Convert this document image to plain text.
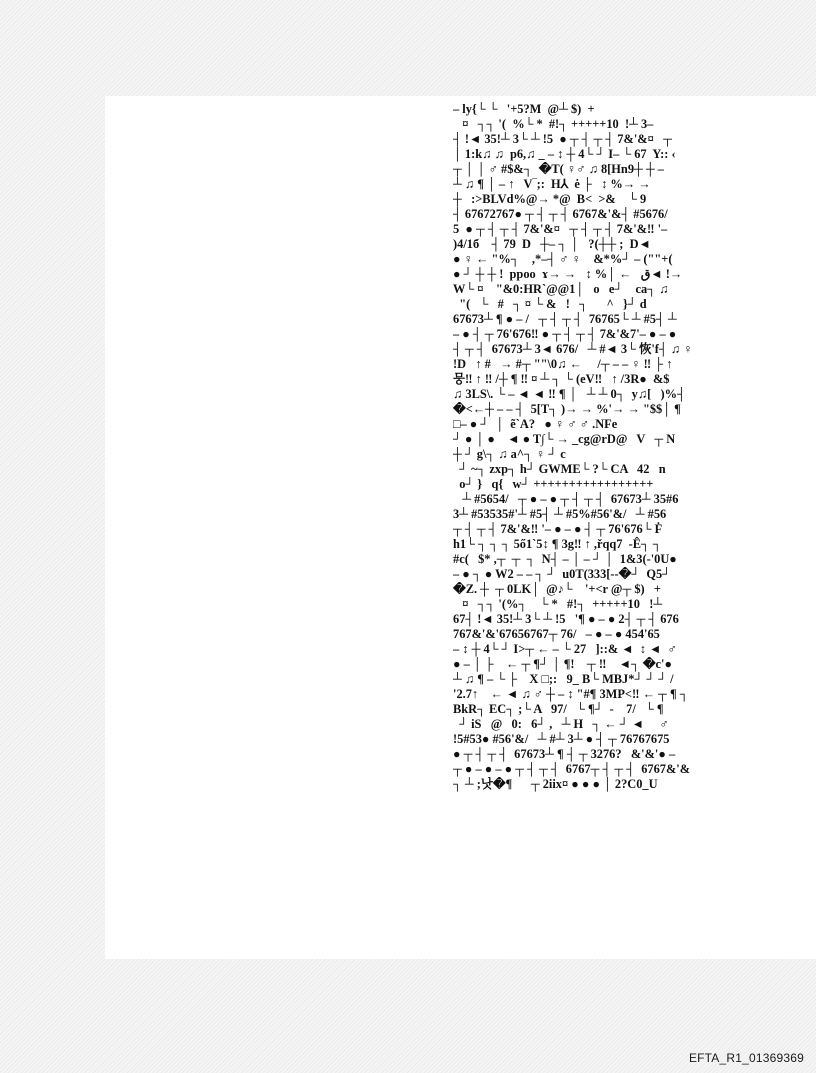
– ly{└ └   '+5?M  @┴ $)  +
¤   ┐┐ '(  %└ *  #!┐ +++++10  !┴ 3–
┤ !◄ 35!┴ 3└ ┴ !5  ● ┬ ┤ ┬ ┤ 7&'&¤   ┬
│ 1:k♫ ♫  p6,♫ _ – ↕ ┼ 4└ ┘ I– └ 67  Y:: ‹
┬ │ │ ♂ #$&┐  �T( ♀♂ ♫ 8[Hn9┼ ┼ –
┴ ♫ ¶ │ – ↑   V‾;:  H⅄  ė ├   ↕ %→ →
┼   :>BLVd%@→ *@  B<  >&    └ 9
┤ 67672767● ┬ ┤ ┬ ┤ 6767&'&┤ #5676/
5  ● ┬ ┤ ┬ ┤ 7&'&¤   ┬ ┤ ┬ ┤ 7&'&‼ '–
)4/1б    ┤ 79  D   ┼– ┐ │   ?(┼┼ ;  D◄
● ♀ ← "%┐    ,*–┤ ♂ ♀    &*%┘ – (""+(
● ┘ ┼ ┼ !  ppoo  ɤ→ →   ↕ %│ ←   ق◄ !→
W└ ¤    "&0:HR`@@1│   o   e┘    ca┐ ♫
"(   └   #   ┐ ¤ └ &   !   ┐      ^   }┘ d
67673┴ ¶ ● – /   ┬ ┤ ┬ ┤  76765└ ┴ #5┤ ┴
– ● ┤ ┬ 76'676‼ ● ┬ ┤ ┬ ┤ 7&'&7'– ● – ●
┤ ┬ ┤  67673┴ 3◄ 676/   ┴ #◄ 3└ 恢'f┤ ♫ ♀
!D   ↑ #   → #┬ ""\0♫ ←     /┬ – – ♀ ‼ ├ ↑
뭉‼ ↑ ‼ /┼ ¶ ‼ ¤ ┴ ┐ └ (eV‼   ↑ /3R●  &$
♫ 3LS\. └ – ◄ ◄ ‼ ¶ │   ┴ ┴ 0┐  y♫[   )%┤
�<←┼ – – ┤  5[T┐ )→ → %'→ → "$$│ ¶
□– ● ┘  │  ẽ`A?   ● ♀ ♂ ♂ .NFe
┘ ● │ ●    ◄ ● T∫└ → _cg@rD@   V   ┬ N
┼ ┘ g\┐ ♫ a^┐ ♀ ┘ c
┘ ~┐ zxp┐ h┘ GWME└ ?└ CA   42   n
o┘ }   q{   w┘ +++++++++++++++++
┴ #5654/   ┬ ● – ● ┬ ┤ ┬ ┤  67673┴ 35#6
3┴ #53535#'┴ #5┤ ┴ #5%#56'&/   ┴ #56
┬ ┤ ┬ ┤ 7&'&‼ '– ● – ● ┤ ┬ 76'676└ Ḟ
h1└ ┐ ┐ ┐ 5ő1`5↕ ¶ 3g‼ ↑ ,řqq7  -Ê┐ ┐
#c(   $* ,┬  ┬  ┐  N┤ – │ – ┘ │  1&3(-'0U●
– ● ┐ ● W2 – – ┐ ┘  u0T(333[--�┘  Q5┘
�Z. ┼  ┬ 0LK│  @♪└    '+<r @┬ $)   +
¤   ┐┐ '(%┐    └ *   #!┐  +++++10   !┴
67┤ !◄ 35!┴ 3└ ┴ !5   '¶ ● – ● 2┤ ┬ ┤ 676
767&'&'67656767┬ 76/   – ● – ● 454'65
– ↕ ┼ 4└ ┘ I>┬ ← – └ 27   ]::& ◄  ↕ ◄  ♂
● – │ ├    ← ┬ ¶┘ │ ¶!    ┬ ‼    ◄┐ �c'●
┴ ♫ ¶ – └ ├    X □;:   9_ B└ MBJ*┘ ┘ ┘ /
'2.7↑    ← ◄ ♫ ♂ ┼ – ↕ "#¶ 3MP<‼ ← ┬ ¶ ┐
BkR┐ EC┐ ;└ A   97/   └ ¶┘  -    7/   └ ¶
┘ iS   @   0:   6┘ ,   ┴ H   ┐ ← ┘ ◄     ♂
!5#53● #56'&/   ┴ #┴ 3┴ ● ┤ ┬ 76767675
● ┬ ┤ ┬ ┤  67673┴ ¶ ┤ ┬ 3276?   &'&'● –
┬ ● – ● – ● ┬ ┤ ┬ ┤  6767┬ ┤ ┬ ┤  6767&'&
┐ ┴ ;낫�¶      ┬ 2iix¤ ● ● ● │ 2?C0_U
EFTA_R1_01369369
